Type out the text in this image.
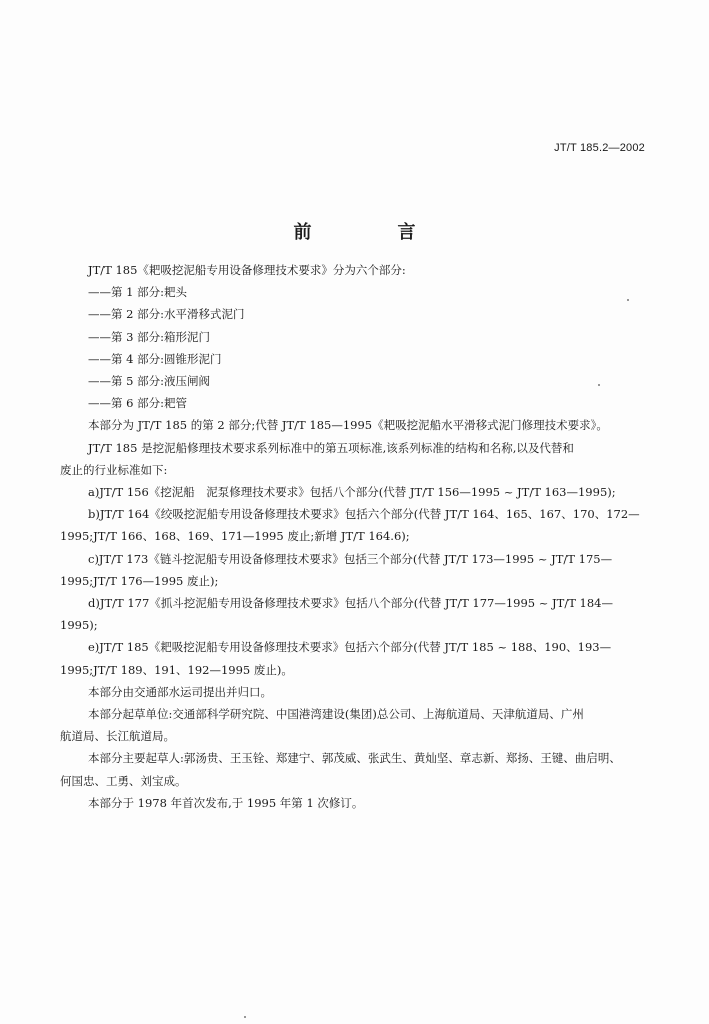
JT/T 185.2—2002
前　言

JT/T 185《耙吸挖泥船专用设备修理技术要求》分为六个部分:

——第 1 部分:耙头

——第 2 部分:水平滑移式泥门

——第 3 部分:箱形泥门

——第 4 部分:圆锥形泥门

——第 5 部分:液压闸阀

——第 6 部分:耙管

本部分为 JT/T 185 的第 2 部分;代替 JT/T 185—1995《耙吸挖泥船水平滑移式泥门修理技术要求》。

JT/T 185 是挖泥船修理技术要求系列标准中的第五项标准,该系列标准的结构和名称,以及代替和

废止的行业标准如下:

a)JT/T 156《挖泥船　泥泵修理技术要求》包括八个部分(代替 JT/T 156—1995 ~ JT/T 163—1995);

b)JT/T 164《绞吸挖泥船专用设备修理技术要求》包括六个部分(代替 JT/T 164、165、167、170、172—

1995;JT/T 166、168、169、171—1995 废止;新增 JT/T 164.6);

c)JT/T 173《链斗挖泥船专用设备修理技术要求》包括三个部分(代替 JT/T 173—1995 ~ JT/T 175—

1995;JT/T 176—1995 废止);

d)JT/T 177《抓斗挖泥船专用设备修理技术要求》包括八个部分(代替 JT/T 177—1995 ~ JT/T 184—

1995);

e)JT/T 185《耙吸挖泥船专用设备修理技术要求》包括六个部分(代替 JT/T 185 ~ 188、190、193—

1995;JT/T 189、191、192—1995 废止)。

本部分由交通部水运司提出并归口。

本部分起草单位:交通部科学研究院、中国港湾建设(集团)总公司、上海航道局、天津航道局、广州

航道局、长江航道局。

本部分主要起草人:郭汤贵、王玉铨、郑建宁、郭茂威、张武生、黄灿坚、章志新、郑扬、王键、曲启明、

何国忠、工勇、刘宝成。

本部分于 1978 年首次发布,于 1995 年第 1 次修订。
